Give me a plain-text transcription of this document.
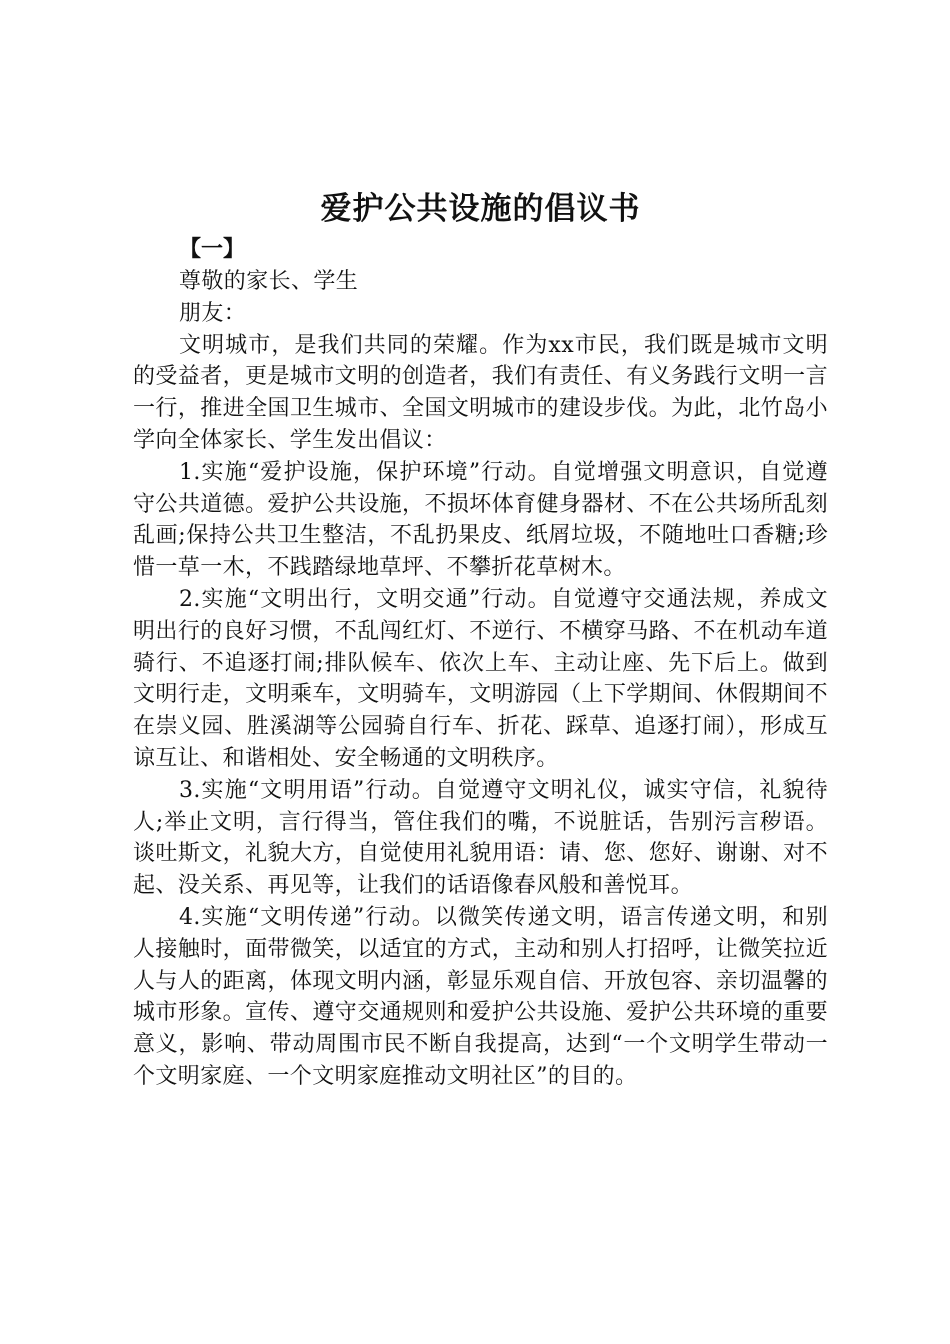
爱护公共设施的倡议书
【一】

尊敬的家长、学生

朋友：

文明城市，是我们共同的荣耀。作为xx市民，我们既是城市文明的受益者，更是城市文明的创造者，我们有责任、有义务践行文明一言一行，推进全国卫生城市、全国文明城市的建设步伐。为此，北竹岛小学向全体家长、学生发出倡议：

1.实施“爱护设施，保护环境”行动。自觉增强文明意识，自觉遵守公共道德。爱护公共设施，不损坏体育健身器材、不在公共场所乱刻乱画;保持公共卫生整洁，不乱扔果皮、纸屑垃圾，不随地吐口香糖;珍惜一草一木，不践踏绿地草坪、不攀折花草树木。

2.实施“文明出行，文明交通”行动。自觉遵守交通法规，养成文明出行的良好习惯，不乱闯红灯、不逆行、不横穿马路、不在机动车道骑行、不追逐打闹;排队候车、依次上车、主动让座、先下后上。做到文明行走，文明乘车，文明骑车，文明游园（上下学期间、休假期间不在崇义园、胜溪湖等公园骑自行车、折花、踩草、追逐打闹），形成互谅互让、和谐相处、安全畅通的文明秩序。

3.实施“文明用语”行动。自觉遵守文明礼仪，诚实守信，礼貌待人;举止文明，言行得当，管住我们的嘴，不说脏话，告别污言秽语。谈吐斯文，礼貌大方，自觉使用礼貌用语：请、您、您好、谢谢、对不起、没关系、再见等，让我们的话语像春风般和善悦耳。

4.实施“文明传递”行动。以微笑传递文明，语言传递文明，和别人接触时，面带微笑，以适宜的方式，主动和别人打招呼，让微笑拉近人与人的距离，体现文明内涵，彰显乐观自信、开放包容、亲切温馨的城市形象。宣传、遵守交通规则和爱护公共设施、爱护公共环境的重要意义，影响、带动周围市民不断自我提高，达到“一个文明学生带动一个文明家庭、一个文明家庭推动文明社区”的目的。
